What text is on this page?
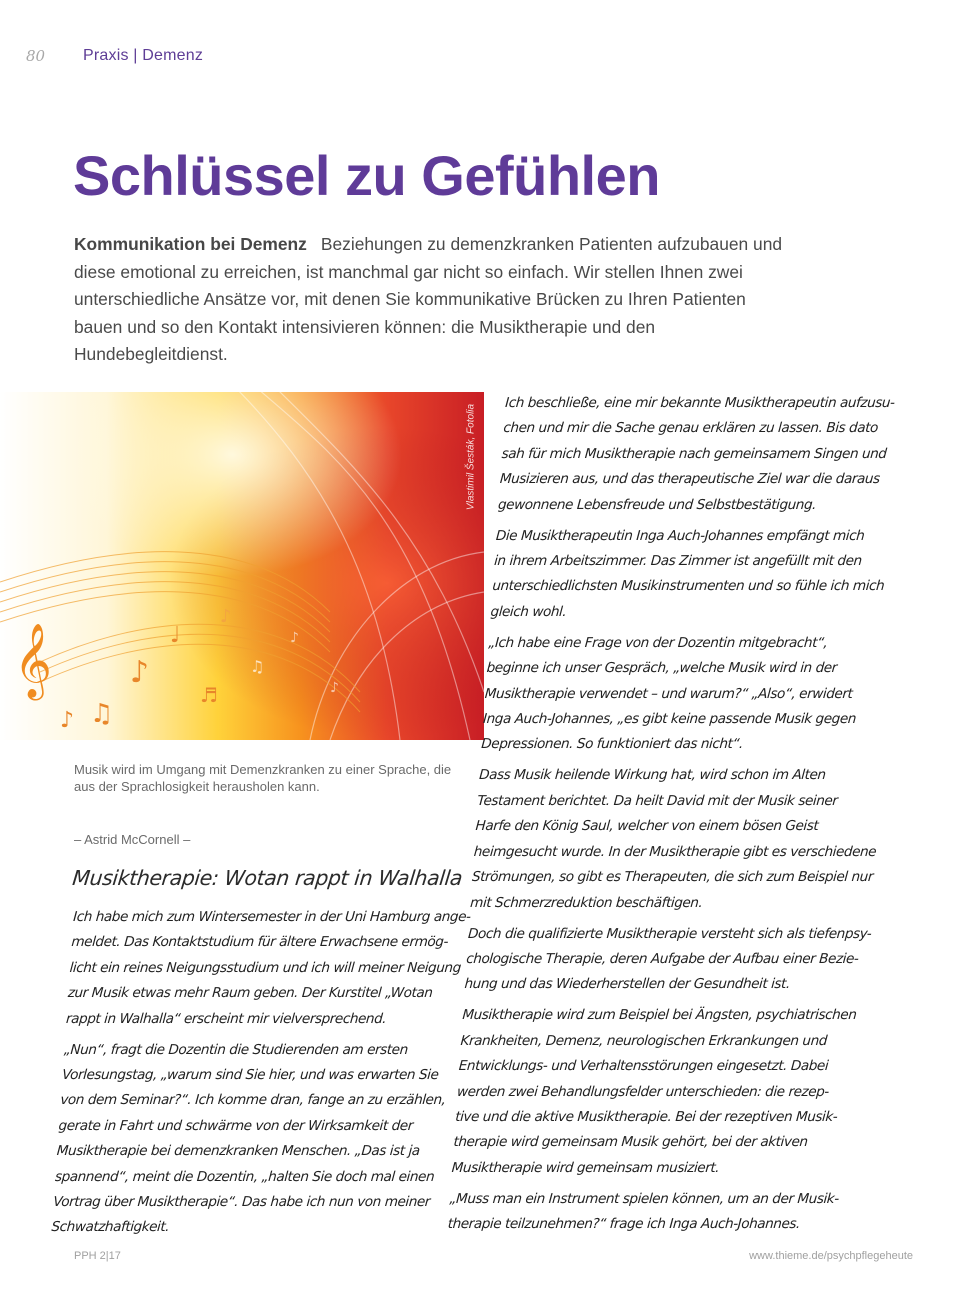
80	Praxis | Demenz
Schlüssel zu Gefühlen
Kommunikation bei Demenz Beziehungen zu demenzkranken Patienten aufzubauen und diese emotional zu erreichen, ist manchmal gar nicht so einfach. Wir stellen Ihnen zwei unterschiedliche Ansätze vor, mit denen Sie kommunikative Brücken zu Ihren Patienten bauen und so den Kontakt intensivieren können: die Musiktherapie und den Hundebegleitdienst.
𝄞	♪
♫
♩
♪
♪
♫
♪
♬	♪
Vlastimil Šesták, Fotolia
Musik wird im Umgang mit Demenzkranken zu einer Sprache, die aus der Sprachlosigkeit herausholen kann.
– Astrid McCornell –
Musiktherapie: Wotan rappt in Walhalla

Ich habe mich zum Wintersemester in der Uni Hamburg ange-
meldet. Das Kontaktstudium für ältere Erwachsene ermög-
licht ein reines Neigungsstudium und ich will meiner Neigung
zur Musik etwas mehr Raum geben. Der Kurstitel „Wotan
rappt in Walhalla“ erscheint mir vielversprechend.

„Nun“, fragt die Dozentin die Studierenden am ersten
Vorlesungstag, „warum sind Sie hier, und was erwarten Sie
von dem Seminar?“. Ich komme dran, fange an zu erzählen,
gerate in Fahrt und schwärme von der Wirksamkeit der
Musiktherapie bei demenzkranken Menschen. „Das ist ja
spannend“, meint die Dozentin, „halten Sie doch mal einen
Vortrag über Musiktherapie“. Das habe ich nun von meiner
Schwatzhaftigkeit.

Ich beschließe, eine mir bekannte Musiktherapeutin aufzusu-
chen und mir die Sache genau erklären zu lassen. Bis dato
sah für mich Musiktherapie nach gemeinsamem Singen und
Musizieren aus, und das therapeutische Ziel war die daraus
gewonnene Lebensfreude und Selbstbestätigung.

Die Musiktherapeutin Inga Auch-Johannes empfängt mich
in ihrem Arbeitszimmer. Das Zimmer ist angefüllt mit den
unterschiedlichsten Musikinstrumenten und so fühle ich mich
gleich wohl.

„Ich habe eine Frage von der Dozentin mitgebracht“,
beginne ich unser Gespräch, „welche Musik wird in der
Musiktherapie verwendet – und warum?“ „Also“, erwidert
Inga Auch-Johannes, „es gibt keine passende Musik gegen
Depressionen. So funktioniert das nicht“.

Dass Musik heilende Wirkung hat, wird schon im Alten
Testament berichtet. Da heilt David mit der Musik seiner
Harfe den König Saul, welcher von einem bösen Geist
heimgesucht wurde. In der Musiktherapie gibt es verschiedene
Strömungen, so gibt es Therapeuten, die sich zum Beispiel nur
mit Schmerzreduktion beschäftigen.

Doch die qualifizierte Musiktherapie versteht sich als tiefenpsy-
chologische Therapie, deren Aufgabe der Aufbau einer Bezie-
hung und das Wiederherstellen der Gesundheit ist.

Musiktherapie wird zum Beispiel bei Ängsten, psychiatrischen
Krankheiten, Demenz, neurologischen Erkrankungen und
Entwicklungs- und Verhaltensstörungen eingesetzt. Dabei
werden zwei Behandlungsfelder unterschieden: die rezep-
tive und die aktive Musiktherapie. Bei der rezeptiven Musik-
therapie wird gemeinsam Musik gehört, bei der aktiven
Musiktherapie wird gemeinsam musiziert.

„Muss man ein Instrument spielen können, um an der Musik-
therapie teilzunehmen?“ frage ich Inga Auch-Johannes.

PPH 2|17	www.thieme.de/psychpflegeheute
